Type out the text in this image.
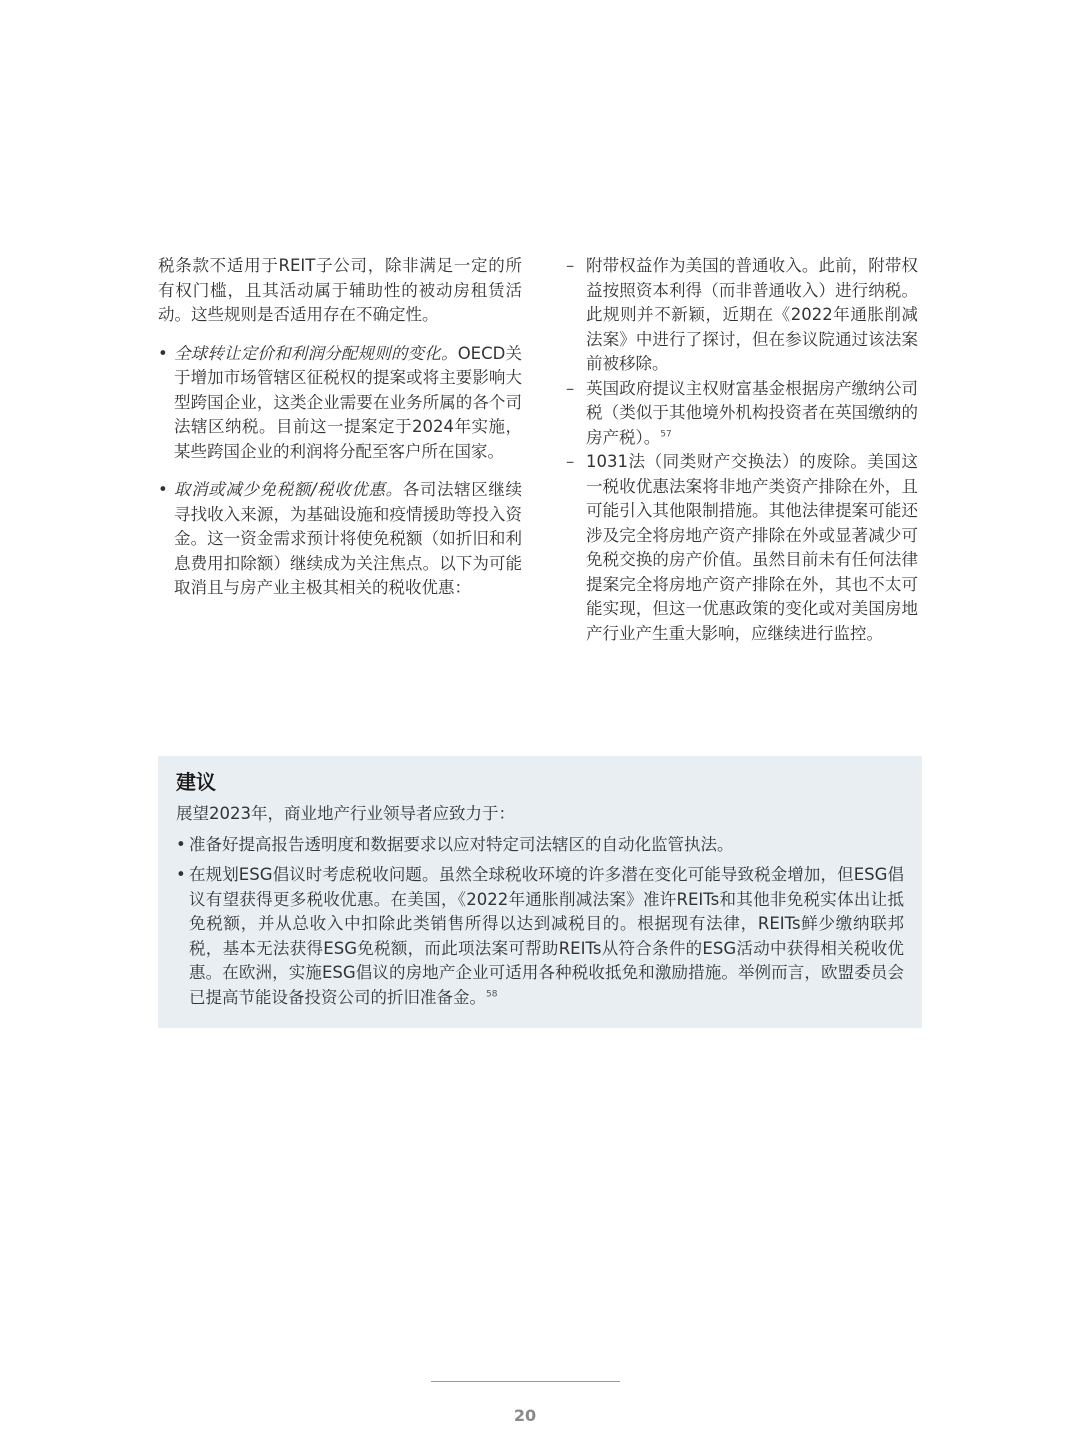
税条款不适用于REIT子公司，除非满足一定的所有权门槛，且其活动属于辅助性的被动房租赁活动。这些规则是否适用存在不确定性。

• 全球转让定价和利润分配规则的变化。OECD关于增加市场管辖区征税权的提案或将主要影响大型跨国企业，这类企业需要在业务所属的各个司法辖区纳税。目前这一提案定于2024年实施，某些跨国企业的利润将分配至客户所在国家。
• 取消或减少免税额/税收优惠。各司法辖区继续寻找收入来源，为基础设施和疫情援助等投入资金。这一资金需求预计将使免税额（如折旧和利息费用扣除额）继续成为关注焦点。以下为可能取消且与房产业主极其相关的税收优惠：
– 附带权益作为美国的普通收入。此前，附带权益按照资本利得（而非普通收入）进行纳税。此规则并不新颖，近期在《2022年通胀削减法案》中进行了探讨，但在参议院通过该法案前被移除。
– 英国政府提议主权财富基金根据房产缴纳公司税（类似于其他境外机构投资者在英国缴纳的房产税）。$^{57}$
– 1031法（同类财产交换法）的废除。美国这一税收优惠法案将非地产类资产排除在外，且可能引入其他限制措施。其他法律提案可能还涉及完全将房地产资产排除在外或显著减少可免税交换的房产价值。虽然目前未有任何法律提案完全将房地产资产排除在外，其也不太可能实现，但这一优惠政策的变化或对美国房地产行业产生重大影响，应继续进行监控。
建议

展望2023年，商业地产行业领导者应致力于：

• 准备好提高报告透明度和数据要求以应对特定司法辖区的自动化监管执法。
• 在规划ESG倡议时考虑税收问题。虽然全球税收环境的许多潜在变化可能导致税金增加，但ESG倡议有望获得更多税收优惠。在美国，《2022年通胀削减法案》准许REITs和其他非免税实体出让抵免税额，并从总收入中扣除此类销售所得以达到减税目的。根据现有法律，REITs鲜少缴纳联邦税，基本无法获得ESG免税额，而此项法案可帮助REITs从符合条件的ESG活动中获得相关税收优惠。在欧洲，实施ESG倡议的房地产企业可适用各种税收抵免和激励措施。举例而言，欧盟委员会已提高节能设备投资公司的折旧准备金。$^{58}$
20
